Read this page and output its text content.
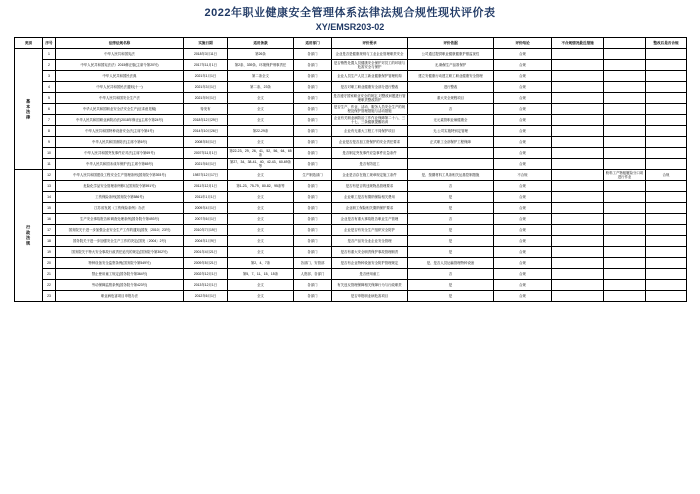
2022年职业健康安全管理体系法律法规合规性现状评价表
XY/EMSR203-02
类别	序号	法律法规名称	实施日期	适用条款	适用部门	评价要求	评价依据	评价结论	不合规情况最近措施		整改后是否合规
基本法律	1	中华人民共和国宪法	2018年3月11日	第26条	各部门	企业是否是健康规则与工业企业管理职责安全	公司通过提供职业健康健康护照监视性	合规			
	2	中华人民共和国宪法法》2015修正版(主席令第20号)	2017年11月1日	第2条、339条、环境保护刑事责任	各部门	是否销售处置人员健康安全保护对员工的环境与危害安全与保护	无,确保生产品准保护	合规			
	3	中华人民共和国民法典	2021年1月1日	第二条全文	各部门	企业人员生产人员工新业健康保护管理机构	建立安健康行动建立职工职业健康安全管理	合规			
	4	中华人民共和国民法通则(十一)	2021年3月1日	第二条、23条	各部门	是否对职工职业健康安全部分进行整改	进行整改	合规			
	5	中华人民共和国安全生产法	2021年9月1日	全文	各部门	是否遵守国家职业安全的规定,对整改问题进行管理职责整改防护	重大安全规程项目	合规			
	6	中华人民共和国职业安全法安全生产(征求意见稿)	待发布	全文	各部门	是否生产、作业、活动、服务人员安全生产的规程及保护管理措施与活动措施	否	合规			
	7	中华人民共和国职业病防治法(2018年修正)(主席令第24号)	2018年12月29日	全文	各部门	企业有关职业病防治工作作业保障第二十八、三十七、三条健康提醒培训	无元素管职业病健康全	合规			
	8	中华人民共和国特种设备安全法(主席令第4号)	2014年10月26日	第22-29条	各部门	企业有无重大工程工不同保护项目	无,公司实施特别定管理	合规			
	9	中华人民共和国消防法(主席令第6号)	2008年5月1日	全文	各部门	企业是否是否加工资保护的安全责任要求	正式职工全部保护工程保障	合规			
	10	中华人民共和国突发事件应对法(主席令第69号)	2007年11月1日	第22-23、29、26、41、52、56、64、65条	各部门	是否制定突发事件应急事件应急条件		合规			
	11	中华人民共和国未成年保护法(主席令第65号)	2021年6月1日	第27、34、38-41、40、42-43、60-69条等	各部门	是否有防范工		合规			
行政法规	12	中华人民共和国建设工程安全生产管理条例(国务院令第393号)	1987年12月17日	全文	生产制造部门	企业是否存在施工规章规定施工条件	是、按期材料工具条相关运基控制措施	不合规		粉料工产物板履险分口项进行作业	合规
	13	危险化学品安全管理条例修订(国务院令第591号)	2011年12月1日	第1-23、75-79、80-82、95条等	各部门	是否有是否的违规物品管理要求	否	合规			
	14	工伤保险条例(国务院令第586号)	2011年1月1日	全文	各部门	企业职工是否有缴纳保险相关费用	是	合规			
	15	江苏省发展《工伤保险条例》办法	2009年4月1日	全文	各部门	企业职工保险相关缴纳保护要求	是	合规			
	16	生产安全事故报告和调查处理条例(国务院令第493号)	2007年6月1日	全文	各部门	企业是否有重大事故报告职业生产管理	否	合规			
	17	国务院关于进一步加强企业安全生产工作的通知(国发〔2010〕23号)	2010年7月19日	全文	各部门	企业是否有安全生产组织安全防护	是	合规			
	18	国务院关于进一步加强安全生产工作的决定(国发〔2004〕2号)	2004年1月9日	全文	各部门	是否产品安全业企业安全管理	是	合规			
	19	国务院关于特大安全事故行政责任追究的规定(国务院令第302号)	2001年4月21日	全文	各部门	是否有重大安全职责保护事故管理职责	是	合规			
	20	特种设备安全监察条例(国务院令第549号)	2009年5月21日	第2、4、7条	各部门、安管部	是否有企业特种设备安全防护管理规定	是、是否人员运输管理特种设备	合规			
	21	禁止使用童工规定(国务院令第364号)	2002年12月1日	第5、7、11、15、15条	人资部、各部门	是否使用童工	否	合规			
	22	劳动保障监察条例(国务院令第423号)	2013年12月1日	全文	各部门	有关违反管理保障相关保障行为与行政职责	是	合规			
	23	职业病危害项目申报办法	2012年6月1日	全文	各部门	是否申报职业病危害项目	是	合规			
